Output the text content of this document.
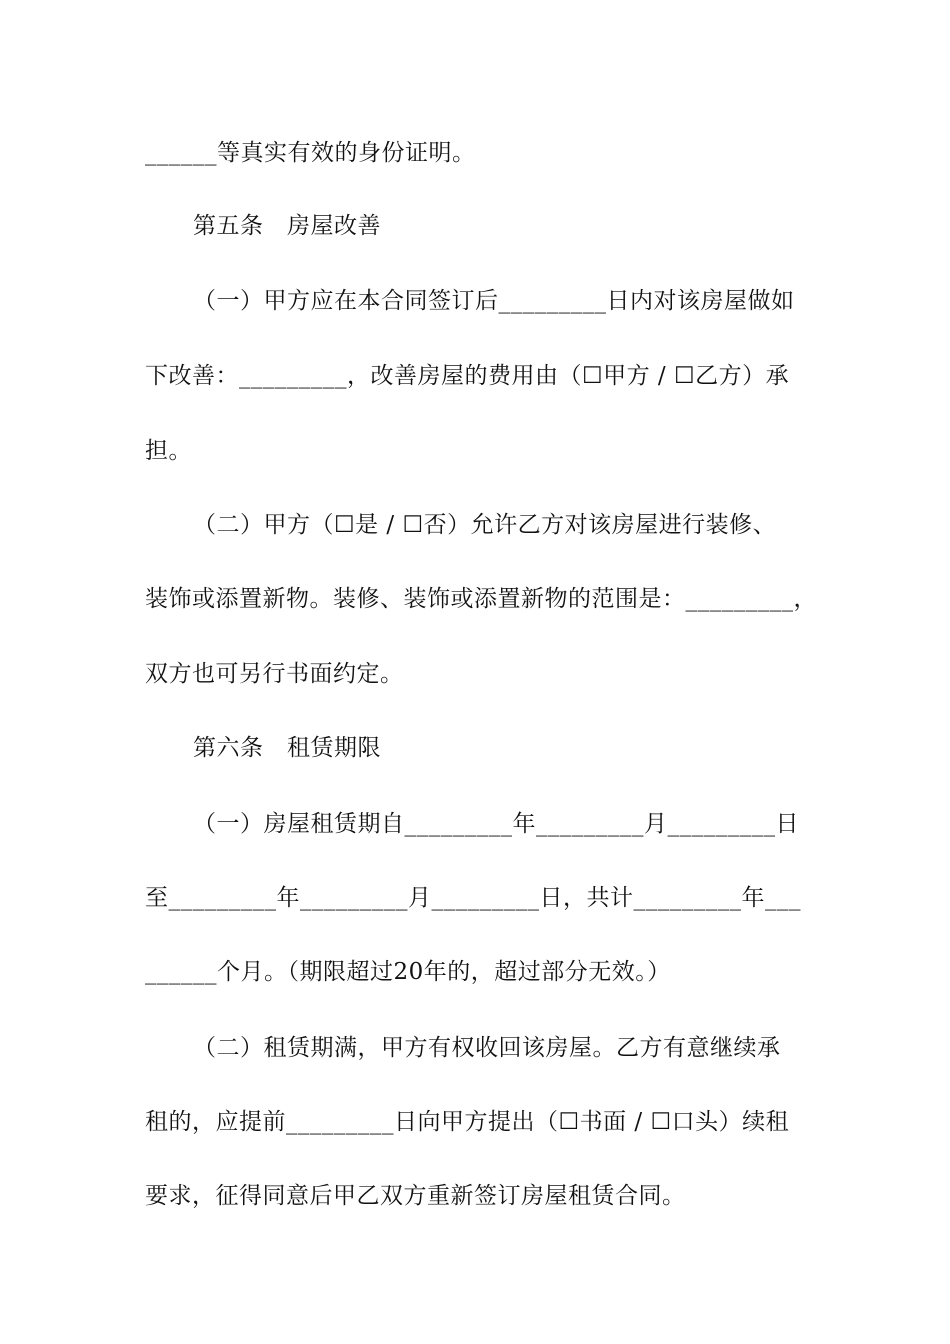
______等真实有效的身份证明。
第五条　房屋改善
（一）甲方应在本合同签订后_________日内对该房屋做如
下改善：_________，改善房屋的费用由（☐甲方 / ☐乙方）承
担。
（二）甲方（☐是 / ☐否）允许乙方对该房屋进行装修、
装饰或添置新物。装修、装饰或添置新物的范围是：_________，
双方也可另行书面约定。
第六条　租赁期限
（一）房屋租赁期自_________年_________月_________日
至_________年_________月_________日，共计_________年___
______个月。（期限超过20年的，超过部分无效。）
（二）租赁期满，甲方有权收回该房屋。乙方有意继续承
租的，应提前_________日向甲方提出（☐书面 / ☐口头）续租
要求，征得同意后甲乙双方重新签订房屋租赁合同。
